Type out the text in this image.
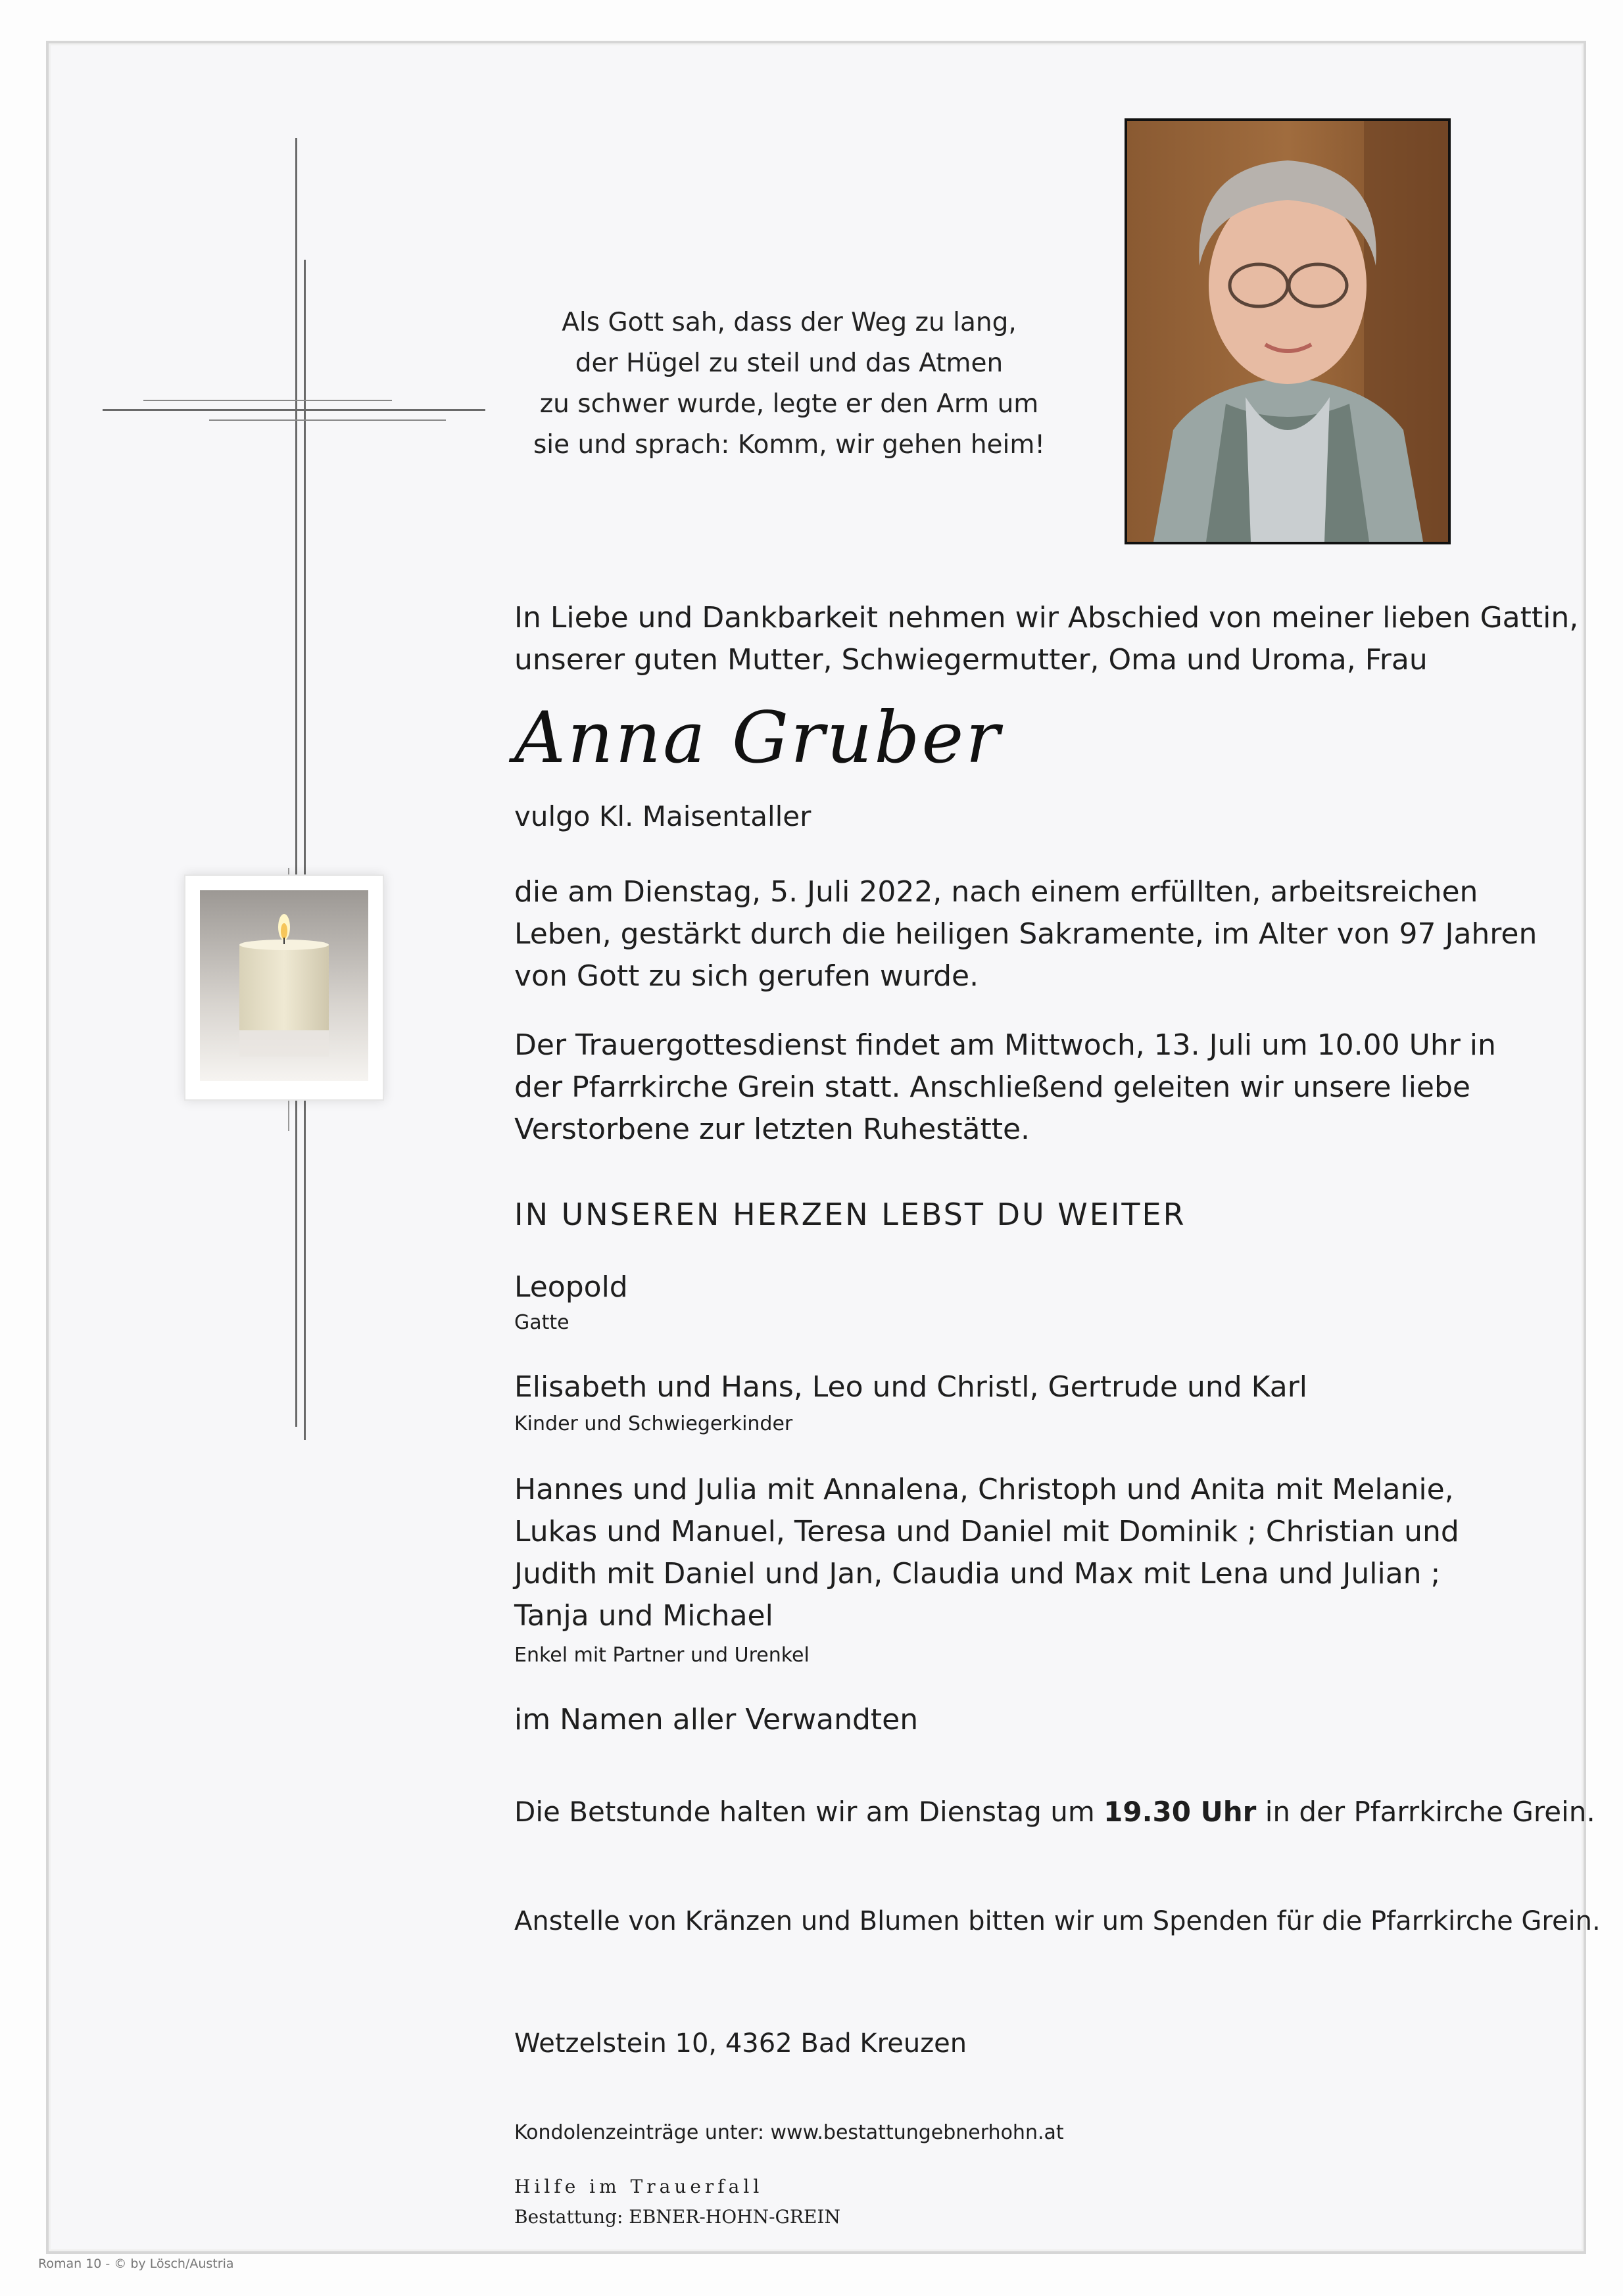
Als Gott sah, dass der Weg zu lang,
der Hügel zu steil und das Atmen
zu schwer wurde, legte er den Arm um
sie und sprach: Komm, wir gehen heim!
In Liebe und Dankbarkeit nehmen wir Abschied von meiner lieben Gattin,
unserer guten Mutter, Schwiegermutter, Oma und Uroma, Frau
Anna Gruber
vulgo Kl. Maisentaller
die am Dienstag, 5. Juli 2022, nach einem erfüllten, arbeitsreichen
Leben, gestärkt durch die heiligen Sakramente, im Alter von 97 Jahren
von Gott zu sich gerufen wurde.
Der Trauergottesdienst findet am Mittwoch, 13. Juli um 10.00 Uhr in
der Pfarrkirche Grein statt. Anschließend geleiten wir unsere liebe
Verstorbene zur letzten Ruhestätte.
IN UNSEREN HERZEN LEBST DU WEITER
Leopold
Gatte
Elisabeth und Hans, Leo und Christl, Gertrude und Karl
Kinder und Schwiegerkinder
Hannes und Julia mit Annalena, Christoph und Anita mit Melanie,
Lukas und Manuel, Teresa und Daniel mit Dominik ; Christian und
Judith mit Daniel und Jan, Claudia und Max mit Lena und Julian ;
Tanja und Michael
Enkel mit Partner und Urenkel
im Namen aller Verwandten
Die Betstunde halten wir am Dienstag um 19.30 Uhr in der Pfarrkirche Grein.
Anstelle von Kränzen und Blumen bitten wir um Spenden für die Pfarrkirche Grein.
Wetzelstein 10, 4362 Bad Kreuzen
Kondolenzeinträge unter: www.bestattungebnerhohn.at
Hilfe im Trauerfall
Bestattung: EBNER-HOHN-GREIN
Roman 10 - © by Lösch/Austria
